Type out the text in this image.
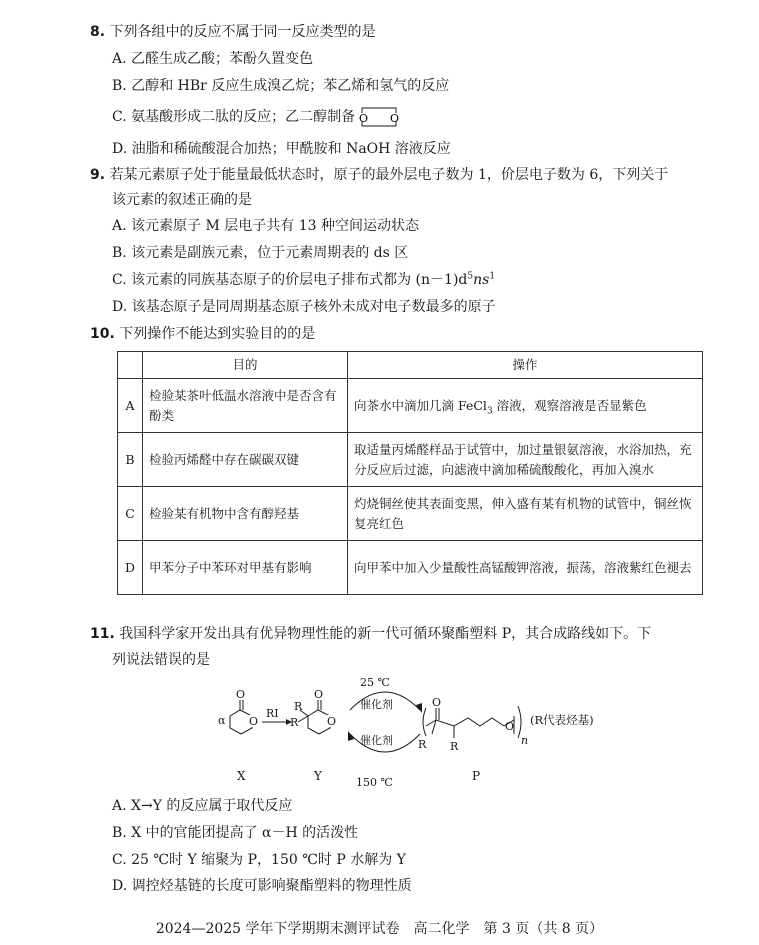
8. 下列各组中的反应不属于同一反应类型的是
A. 乙醛生成乙酸；苯酚久置变色
B. 乙醇和 HBr 反应生成溴乙烷；苯乙烯和氢气的反应
C. 氨基酸形成二肽的反应；乙二醇制备 O O
D. 油脂和稀硫酸混合加热；甲酰胺和 NaOH 溶液反应
9. 若某元素原子处于能量最低状态时，原子的最外层电子数为 1，价层电子数为 6，下列关于
该元素的叙述正确的是
A. 该元素原子 M 层电子共有 13 种空间运动状态
B. 该元素是副族元素，位于元素周期表的 ds 区
C. 该元素的同族基态原子的价层电子排布式都为 $(n-1)d^5ns^1$
D. 该基态原子是同周期基态原子核外未成对电子数最多的原子
10. 下列操作不能达到实验目的的是
	目的	操作
A	检验某茶叶低温水溶液中是否含有酚类	向茶水中滴加几滴 FeCl$_3$ 溶液，观察溶液是否显紫色
B	检验丙烯醛中存在碳碳双键	取适量丙烯醛样品于试管中，加过量银氨溶液，水浴加热，充分反应后过滤，向滤液中滴加稀硫酸酸化，再加入溴水
C	检验某有机物中含有醇羟基	灼烧铜丝使其表面变黑，伸入盛有某有机物的试管中，铜丝恢复亮红色
D	甲苯分子中苯环对甲基有影响	向甲苯中加入少量酸性高锰酸钾溶液，振荡，溶液紫红色褪去
11. 我国科学家开发出具有优异物理性能的新一代可循环聚酯塑料 P，其合成路线如下。下
列说法错误的是
O
O
α
X
RI
O
O
R
R
Y
25 ℃
催化剂
催化剂
150 ℃
O
R R
O
n
(R代表烃基)
P
A. X→Y 的反应属于取代反应
B. X 中的官能团提高了 α－H 的活泼性
C. 25 ℃时 Y 缩聚为 P，150 ℃时 P 水解为 Y
D. 调控烃基链的长度可影响聚酯塑料的物理性质
2024—2025 学年下学期期末测评试卷　高二化学　第 3 页（共 8 页）
